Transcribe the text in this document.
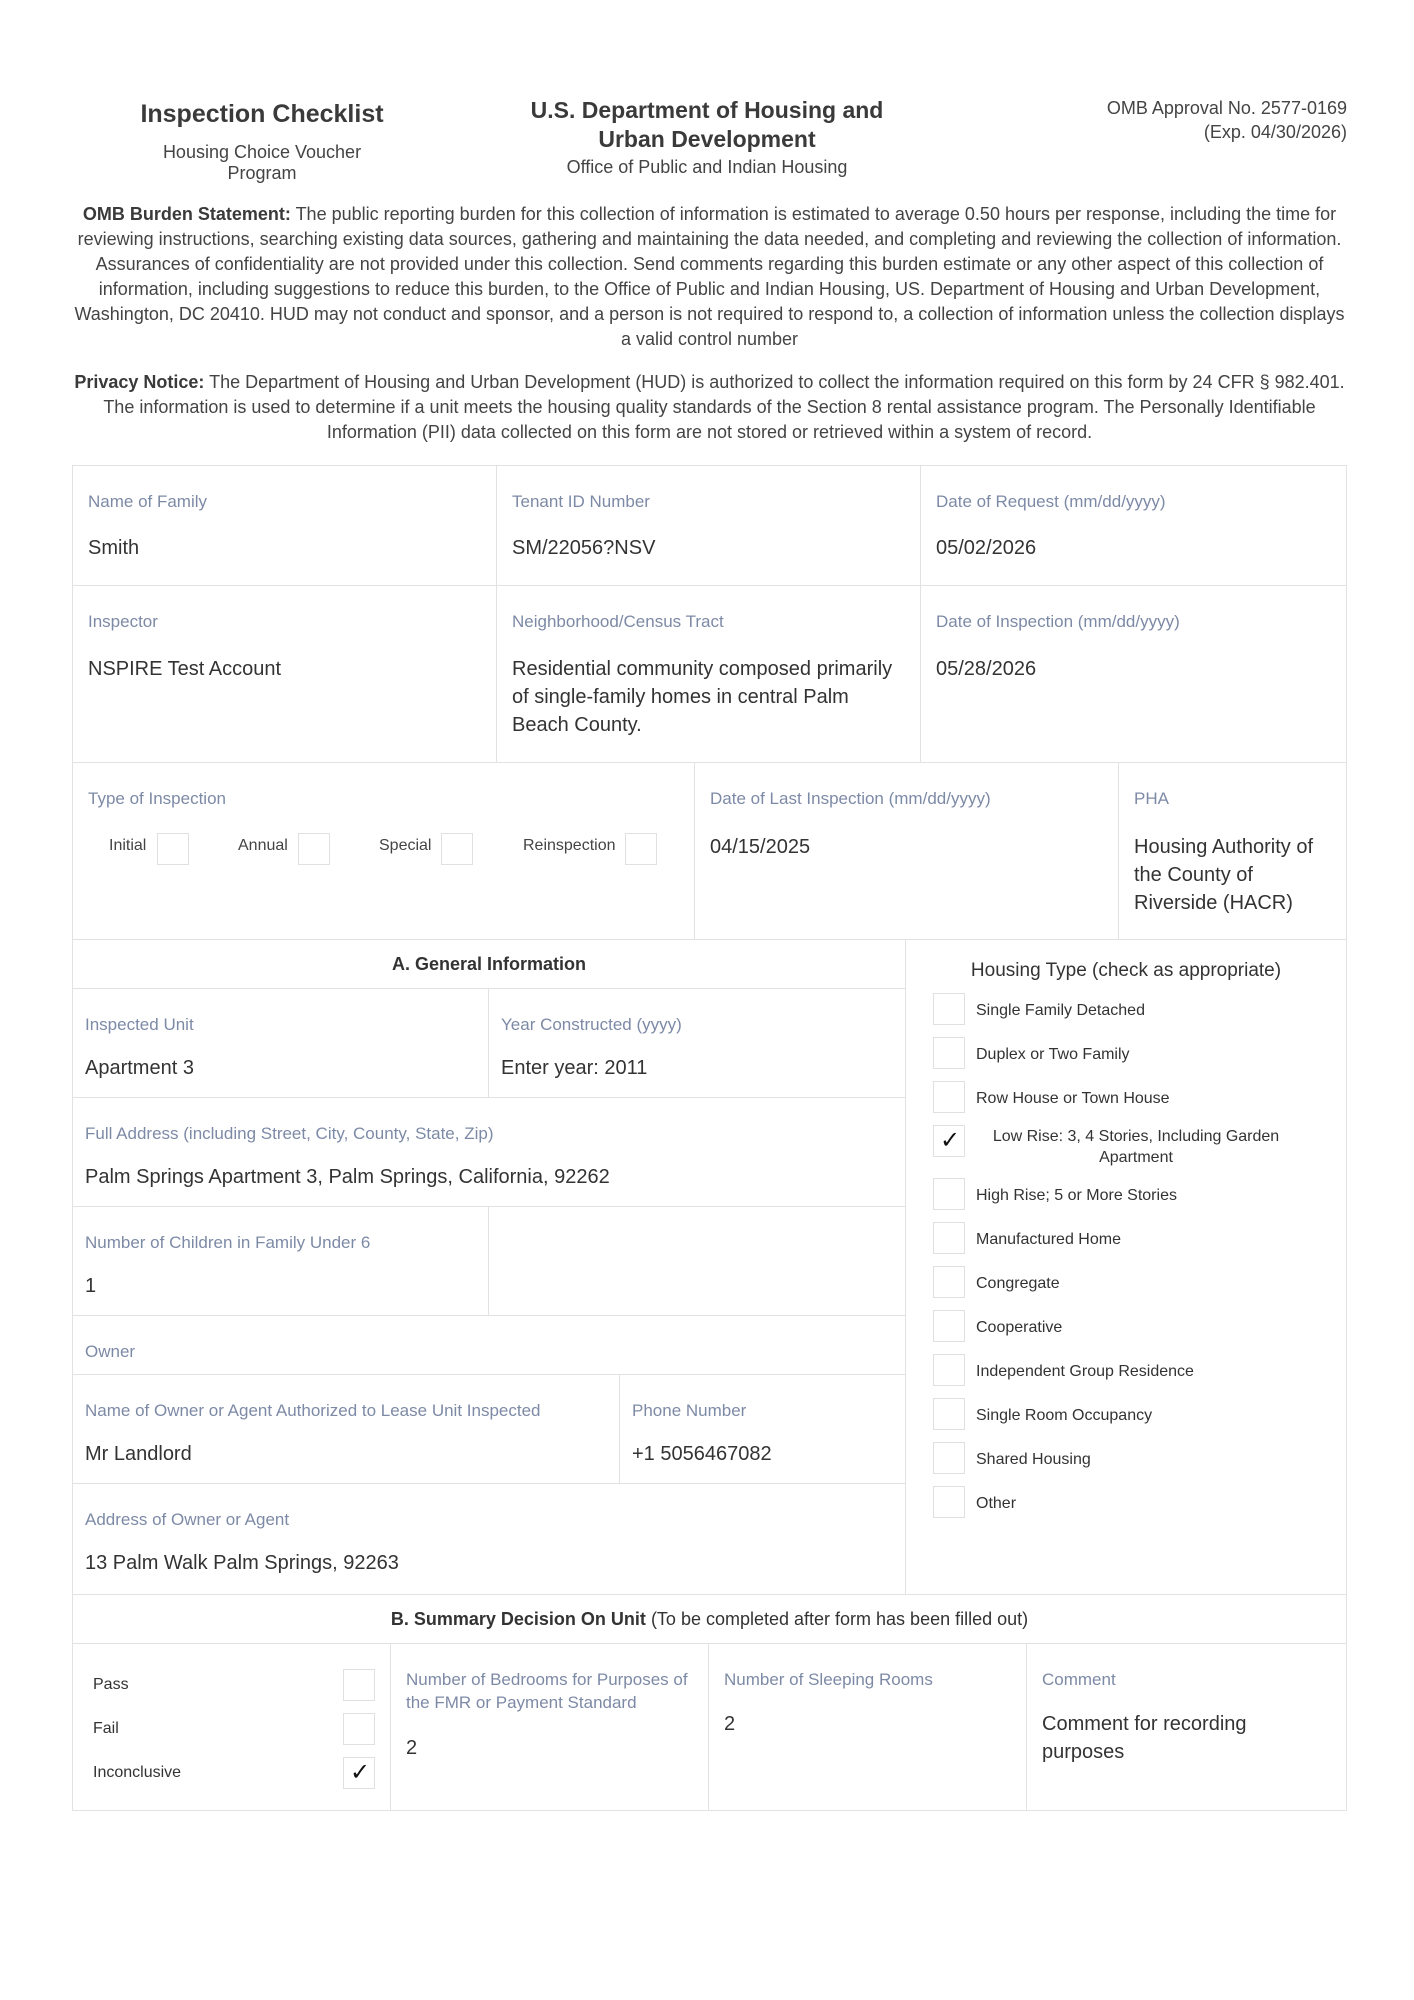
Inspection Checklist
Housing Choice Voucher Program
U.S. Department of Housing and
Urban Development
Office of Public and Indian Housing
OMB Approval No. 2577-0169
(Exp. 04/30/2026)
OMB Burden Statement: The public reporting burden for this collection of information is estimated to average 0.50 hours per response, including the time for reviewing instructions, searching existing data sources, gathering and maintaining the data needed, and completing and reviewing the collection of information. Assurances of confidentiality are not provided under this collection. Send comments regarding this burden estimate or any other aspect of this collection of information, including suggestions to reduce this burden, to the Office of Public and Indian Housing, US. Department of Housing and Urban Development, Washington, DC 20410. HUD may not conduct and sponsor, and a person is not required to respond to, a collection of information unless the collection displays a valid control number
Privacy Notice: The Department of Housing and Urban Development (HUD) is authorized to collect the information required on this form by 24 CFR § 982.401. The information is used to determine if a unit meets the housing quality standards of the Section 8 rental assistance program. The Personally Identifiable Information (PII) data collected on this form are not stored or retrieved within a system of record.
Name of Family
Smith
Tenant ID Number
SM/22056?NSV
Date of Request (mm/dd/yyyy)
05/02/2026
Inspector
NSPIRE Test Account
Neighborhood/Census Tract
Residential community composed primarily of single-family homes in central Palm Beach County.
Date of Inspection (mm/dd/yyyy)
05/28/2026
Type of Inspection
Initial	Annual	Special	Reinspection
Date of Last Inspection (mm/dd/yyyy)
04/15/2025
PHA
Housing Authority of the County of Riverside (HACR)
A. General Information
Inspected Unit
Apartment 3
Year Constructed (yyyy)
Enter year: 2011
Full Address (including Street, City, County, State, Zip)
Palm Springs Apartment 3, Palm Springs, California, 92262
Number of Children in Family Under 6
1
Owner
Name of Owner or Agent Authorized to Lease Unit Inspected
Mr Landlord
Phone Number
+1 5056467082
Address of Owner or Agent
13 Palm Walk Palm Springs, 92263
Housing Type (check as appropriate)
Single Family Detached
Duplex or Two Family
Row House or Town House
✓	Low Rise: 3, 4 Stories, Including Garden Apartment
High Rise; 5 or More Stories
Manufactured Home
Congregate
Cooperative
Independent Group Residence
Single Room Occupancy
Shared Housing
Other
B. Summary Decision On Unit (To be completed after form has been filled out)
Pass
Fail
Inconclusive	✓
Number of Bedrooms for Purposes of the FMR or Payment Standard
2
Number of Sleeping Rooms
2
Comment
Comment for recording purposes
